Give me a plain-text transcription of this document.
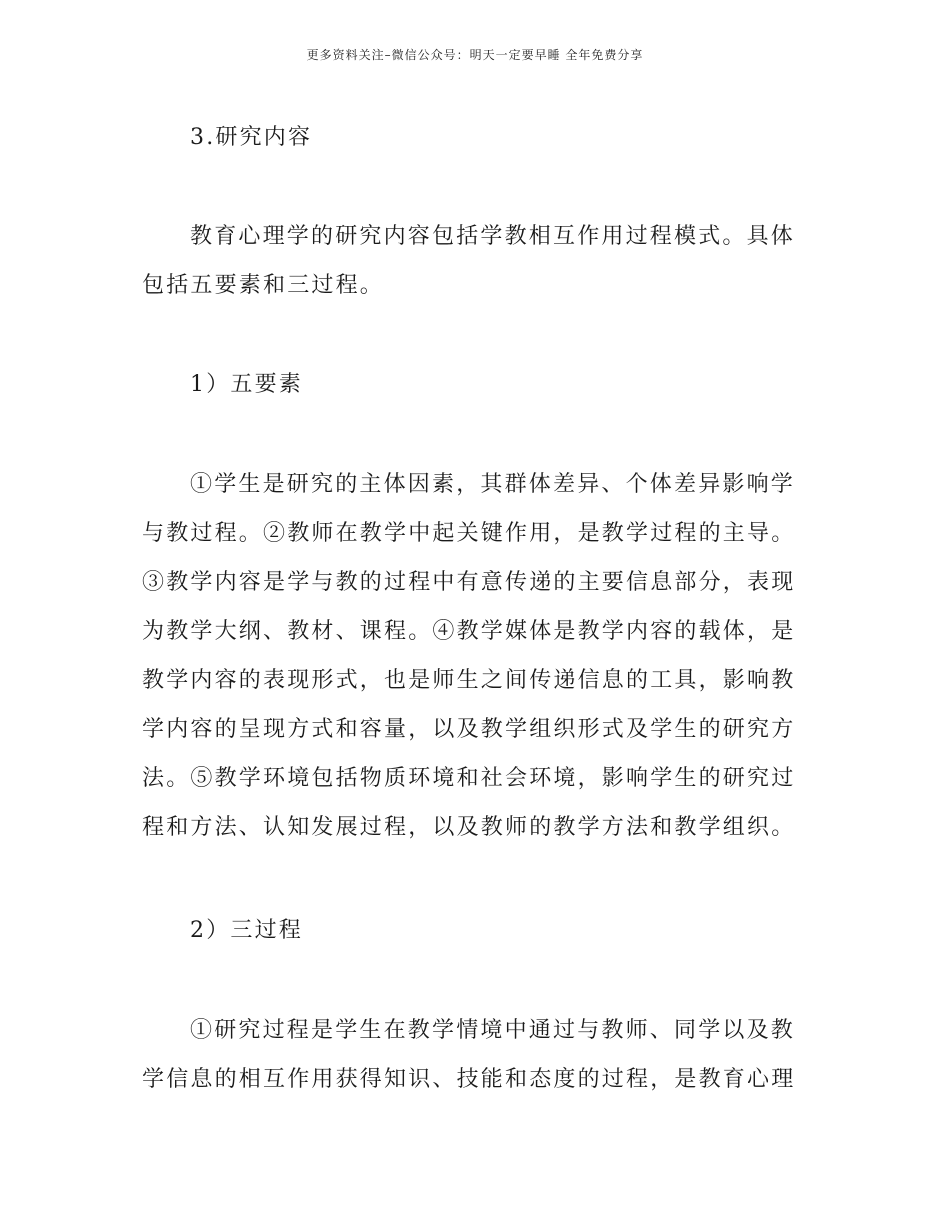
更多资料关注–微信公众号：明天一定要早睡 全年免费分享
3.研究内容

教育心理学的研究内容包括学教相互作用过程模式。具体包括五要素和三过程。

1）五要素

①学生是研究的主体因素，其群体差异、个体差异影响学与教过程。②教师在教学中起关键作用，是教学过程的主导。③教学内容是学与教的过程中有意传递的主要信息部分，表现为教学大纲、教材、课程。④教学媒体是教学内容的载体，是教学内容的表现形式，也是师生之间传递信息的工具，影响教学内容的呈现方式和容量，以及教学组织形式及学生的研究方法。⑤教学环境包括物质环境和社会环境，影响学生的研究过程和方法、认知发展过程，以及教师的教学方法和教学组织。

2）三过程

①研究过程是学生在教学情境中通过与教师、同学以及教学信息的相互作用获得知识、技能和态度的过程，是教育心理
